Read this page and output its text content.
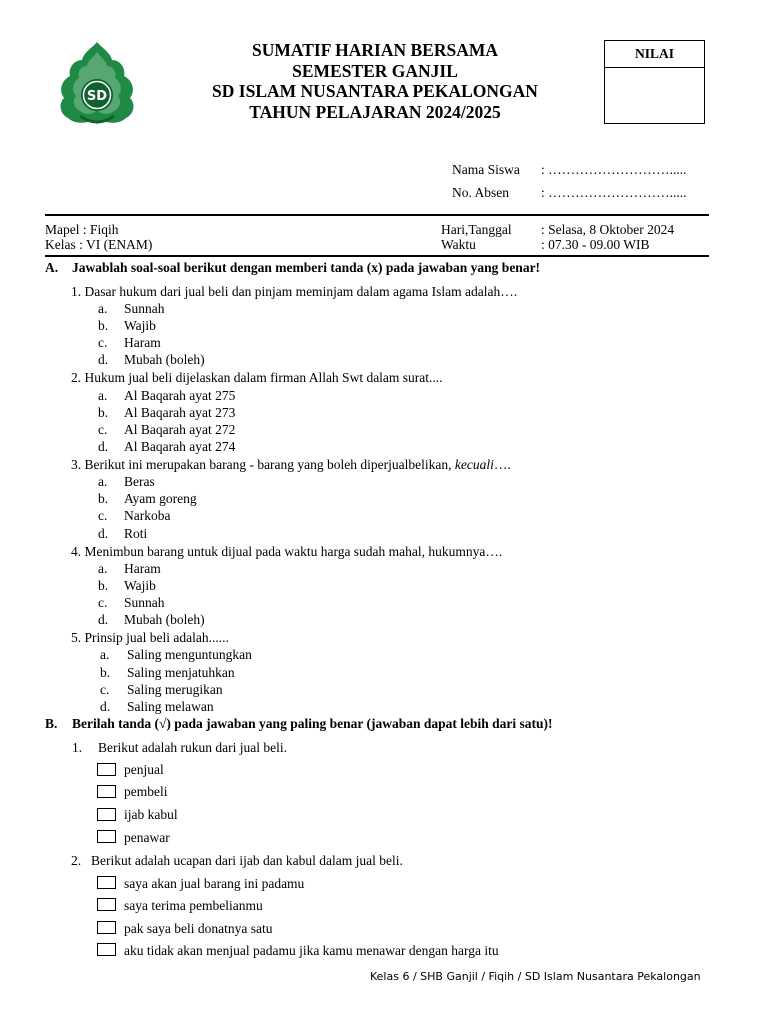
SD
SUMATIF HARIAN BERSAMA
SEMESTER GANJIL
SD ISLAM NUSANTARA PEKALONGAN
TAHUN PELAJARAN 2024/2025
NILAI
Nama Siswa : ……………………….....
No. Absen : ……………………….....
Mapel : Fiqih
Kelas : VI (ENAM)
Hari,Tanggal : Selasa, 8 Oktober 2024
Waktu	: 07.30 - 09.00 WIB
A. Jawablah soal-soal berikut dengan memberi tanda (x) pada jawaban yang benar!
1. Dasar hukum dari jual beli dan pinjam meminjam dalam agama Islam adalah….
a. Sunnah
b. Wajib
c. Haram
d. Mubah (boleh)
2. Hukum jual beli dijelaskan dalam firman Allah Swt dalam surat....
a. Al Baqarah ayat 275
b. Al Baqarah ayat 273
c. Al Baqarah ayat 272
d. Al Baqarah ayat 274
3. Berikut ini merupakan barang - barang yang boleh diperjualbelikan, kecuali….
a. Beras
b. Ayam goreng
c. Narkoba
d. Roti
4. Menimbun barang untuk dijual pada waktu harga sudah mahal, hukumnya….
a. Haram
b. Wajib
c. Sunnah
d. Mubah (boleh)
5. Prinsip jual beli adalah......
a. Saling menguntungkan
b. Saling menjatuhkan
c. Saling merugikan
d. Saling melawan
B. Berilah tanda (√) pada jawaban yang paling benar (jawaban dapat lebih dari satu)!
1. Berikut adalah rukun dari jual beli.
penjual
pembeli
ijab kabul
penawar
2. Berikut adalah ucapan dari ijab dan kabul dalam jual beli.
saya akan jual barang ini padamu
saya terima pembelianmu
pak saya beli donatnya satu
aku tidak akan menjual padamu jika kamu menawar dengan harga itu
Kelas 6 / SHB Ganjil / Fiqih / SD Islam Nusantara Pekalongan
